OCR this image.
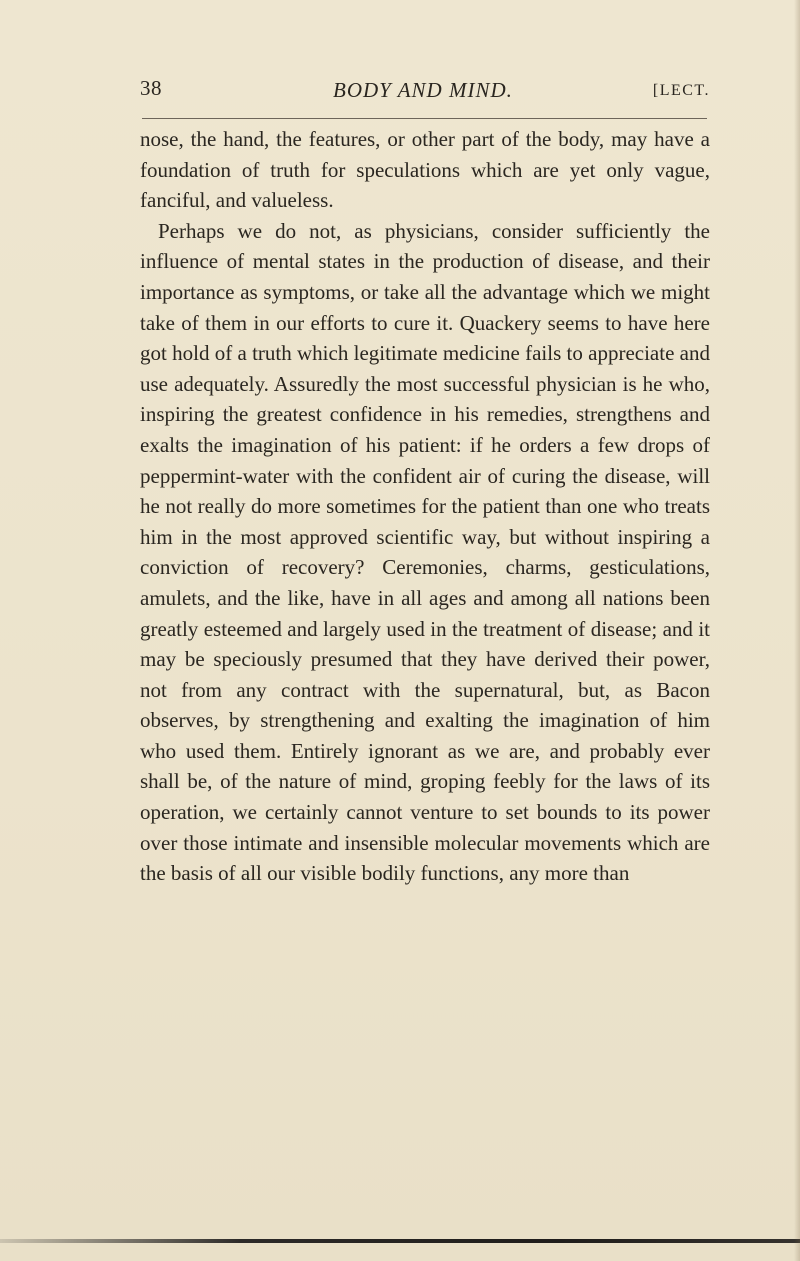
38	BODY AND MIND.	[LECT.

nose, the hand, the features, or other part of the body, may have a foundation of truth for speculations which are yet only vague, fanciful, and valueless.

Perhaps we do not, as physicians, consider sufficiently the influence of mental states in the production of disease, and their importance as symptoms, or take all the advantage which we might take of them in our efforts to cure it. Quackery seems to have here got hold of a truth which legitimate medicine fails to appreciate and use adequately. Assuredly the most successful physician is he who, inspiring the greatest confidence in his remedies, strengthens and exalts the imagination of his patient: if he orders a few drops of peppermint-water with the confident air of curing the disease, will he not really do more sometimes for the patient than one who treats him in the most approved scientific way, but without inspiring a conviction of recovery? Ceremonies, charms, gesticulations, amulets, and the like, have in all ages and among all nations been greatly esteemed and largely used in the treatment of disease; and it may be speciously presumed that they have derived their power, not from any contract with the supernatural, but, as Bacon observes, by strengthening and exalting the imagination of him who used them. Entirely ignorant as we are, and probably ever shall be, of the nature of mind, groping feebly for the laws of its operation, we certainly cannot venture to set bounds to its power over those intimate and insensible molecular movements which are the basis of all our visible bodily functions, any more than
